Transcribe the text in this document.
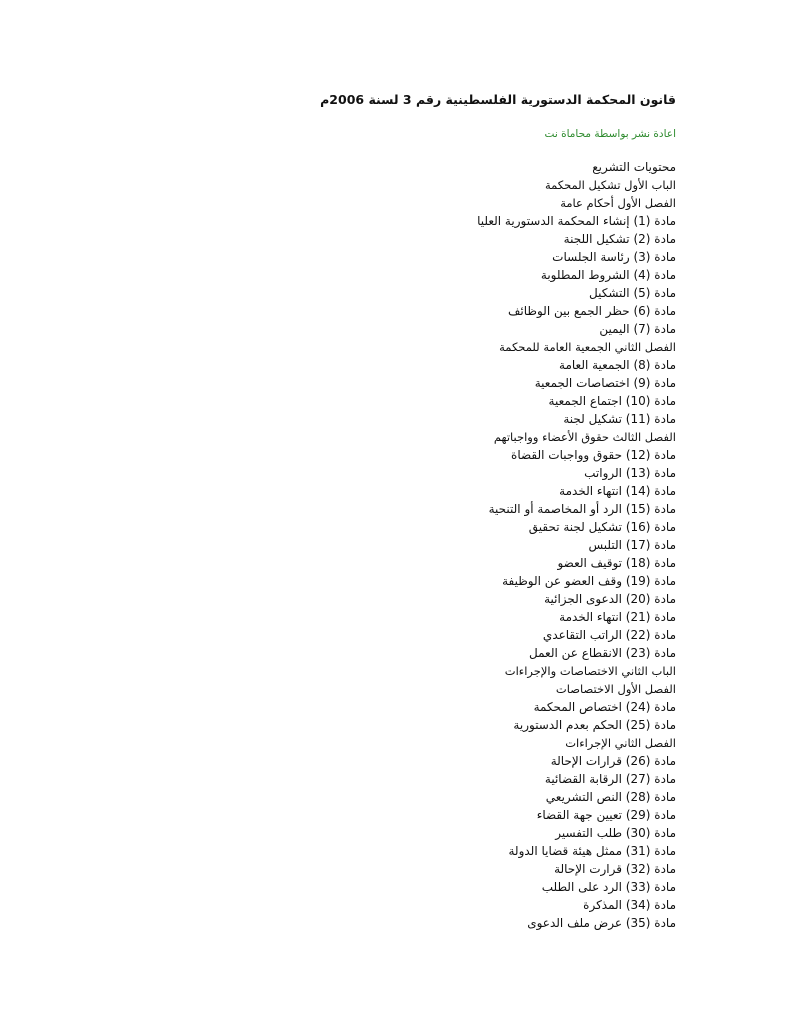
قانون المحكمة الدستورية الفلسطينية رقم 3 لسنة 2006م
اعادة نشر بواسطة محاماة نت
محتويات التشريع
الباب الأول تشكيل المحكمة
الفصل الأول أحكام عامة
مادة (1) إنشاء المحكمة الدستورية العليا
مادة (2) تشكيل اللجنة
مادة (3) رئاسة الجلسات
مادة (4) الشروط المطلوبة
مادة (5) التشكيل
مادة (6) حظر الجمع بين الوظائف
مادة (7) اليمين
الفصل الثاني الجمعية العامة للمحكمة
مادة (8) الجمعية العامة
مادة (9) اختصاصات الجمعية
مادة (10) اجتماع الجمعية
مادة (11) تشكيل لجنة
الفصل الثالث حقوق الأعضاء وواجباتهم
مادة (12) حقوق وواجبات القضاة
مادة (13) الرواتب
مادة (14) انتهاء الخدمة
مادة (15) الرد أو المخاصمة أو التنحية
مادة (16) تشكيل لجنة تحقيق
مادة (17) التلبس
مادة (18) توقيف العضو
مادة (19) وقف العضو عن الوظيفة
مادة (20) الدعوى الجزائية
مادة (21) انتهاء الخدمة
مادة (22) الراتب التقاعدي
مادة (23) الانقطاع عن العمل
الباب الثاني الاختصاصات والإجراءات
الفصل الأول الاختصاصات
مادة (24) اختصاص المحكمة
مادة (25) الحكم بعدم الدستورية
الفصل الثاني الإجراءات
مادة (26) قرارات الإحالة
مادة (27) الرقابة القضائية
مادة (28) النص التشريعي
مادة (29) تعيين جهة القضاء
مادة (30) طلب التفسير
مادة (31) ممثل هيئة قضايا الدولة
مادة (32) قرارت الإحالة
مادة (33) الرد على الطلب
مادة (34) المذكرة
مادة (35) عرض ملف الدعوى
